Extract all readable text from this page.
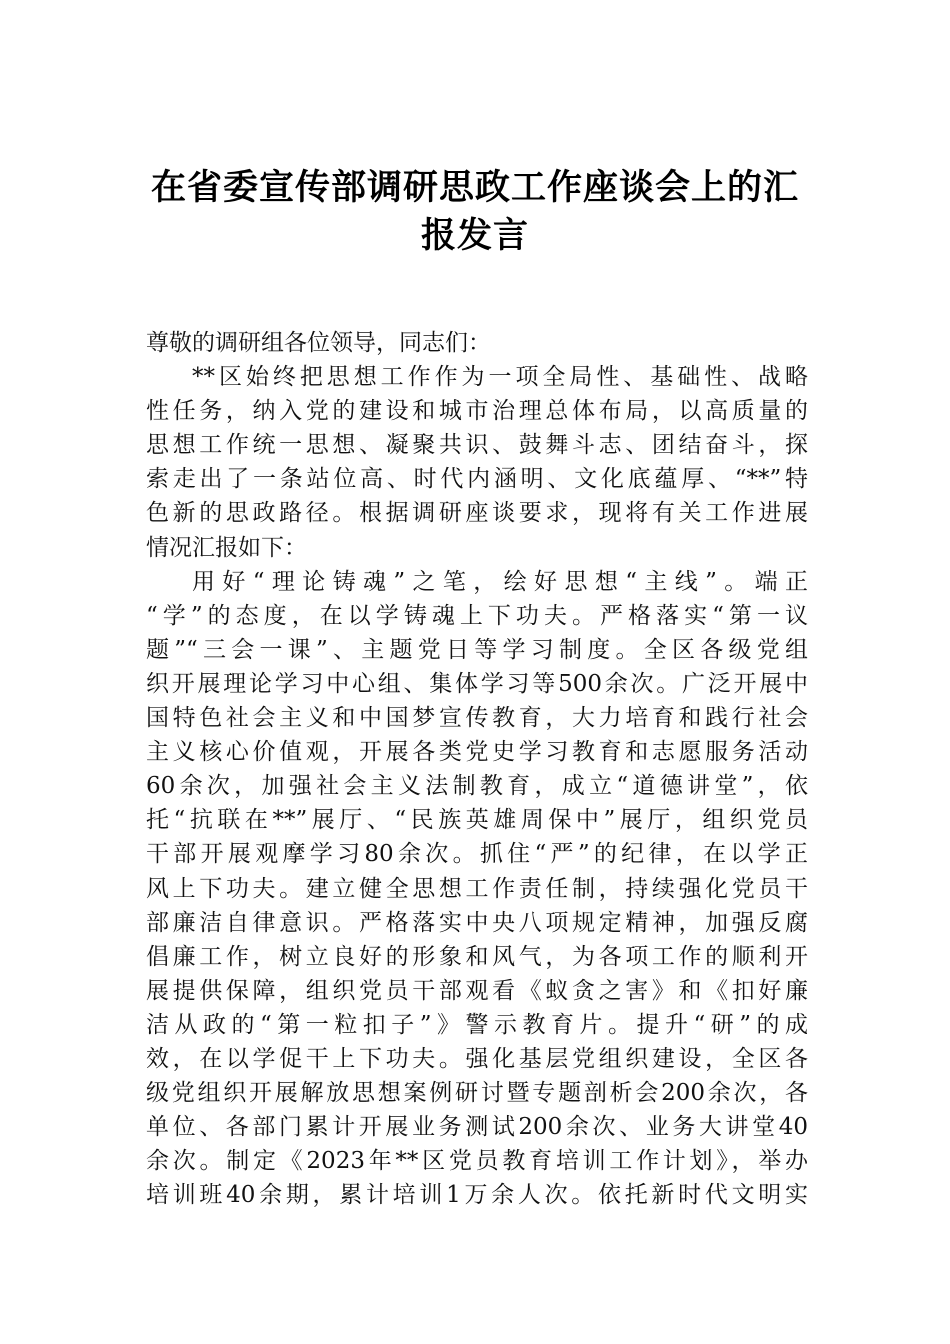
在省委宣传部调研思政工作座谈会上的汇
报发言
尊敬的调研组各位领导，同志们：
**区始终把思想工作作为一项全局性、基础性、战略
性任务，纳入党的建设和城市治理总体布局，以高质量的
思想工作统一思想、凝聚共识、鼓舞斗志、团结奋斗，探
索走出了一条站位高、时代内涵明、文化底蕴厚、“**”特
色新的思政路径。根据调研座谈要求，现将有关工作进展
情况汇报如下：
用好“理论铸魂”之笔，绘好思想“主线”。端正
“学”的态度，在以学铸魂上下功夫。严格落实“第一议
题”“三会一课”、主题党日等学习制度。全区各级党组
织开展理论学习中心组、集体学习等500余次。广泛开展中
国特色社会主义和中国梦宣传教育，大力培育和践行社会
主义核心价值观，开展各类党史学习教育和志愿服务活动
60余次，加强社会主义法制教育，成立“道德讲堂”，依
托“抗联在**”展厅、“民族英雄周保中”展厅，组织党员
干部开展观摩学习80余次。抓住“严”的纪律，在以学正
风上下功夫。建立健全思想工作责任制，持续强化党员干
部廉洁自律意识。严格落实中央八项规定精神，加强反腐
倡廉工作，树立良好的形象和风气，为各项工作的顺利开
展提供保障，组织党员干部观看《蚁贪之害》和《扣好廉
洁从政的“第一粒扣子”》警示教育片。提升“研”的成
效，在以学促干上下功夫。强化基层党组织建设，全区各
级党组织开展解放思想案例研讨暨专题剖析会200余次，各
单位、各部门累计开展业务测试200余次、业务大讲堂40
余次。制定《2023年**区党员教育培训工作计划》，举办
培训班40余期，累计培训1万余人次。依托新时代文明实
